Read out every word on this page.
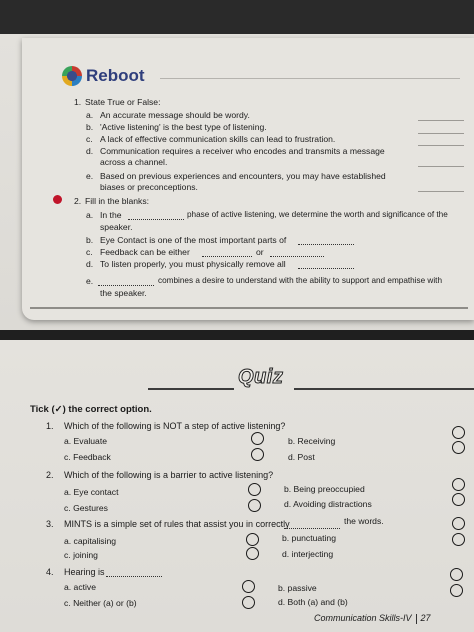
Reboot
1. State True or False:
a. An accurate message should be wordy.
b. 'Active listening' is the best type of listening.
c. A lack of effective communication skills can lead to frustration.
d. Communication requires a receiver who encodes and transmits a message
across a channel.
e. Based on previous experiences and encounters, you may have established
biases or preconceptions.
2. Fill in the blanks:
a. In the	phase of active listening, we determine the worth and significance of the
speaker.
b. Eye Contact is one of the most important parts of
c. Feedback can be either	or
d. To listen properly, you must physically remove all
e.	combines a desire to understand with the ability to support and empathise with
the speaker.
Quiz
Tick (✓) the correct option.
1. Which of the following is NOT a step of active listening?
a. Evaluate	b. Receiving
c. Feedback	d. Post
2. Which of the following is a barrier to active listening?
a. Eye contact	b. Being preoccupied
c. Gestures	d. Avoiding distractions
3. MINTS is a simple set of rules that assist you in correctly	the words.
a. capitalising	b. punctuating
c. joining	d. interjecting
4. Hearing is
a. active	b. passive
c. Neither (a) or (b)	d. Both (a) and (b)
Communication Skills-IV 27
